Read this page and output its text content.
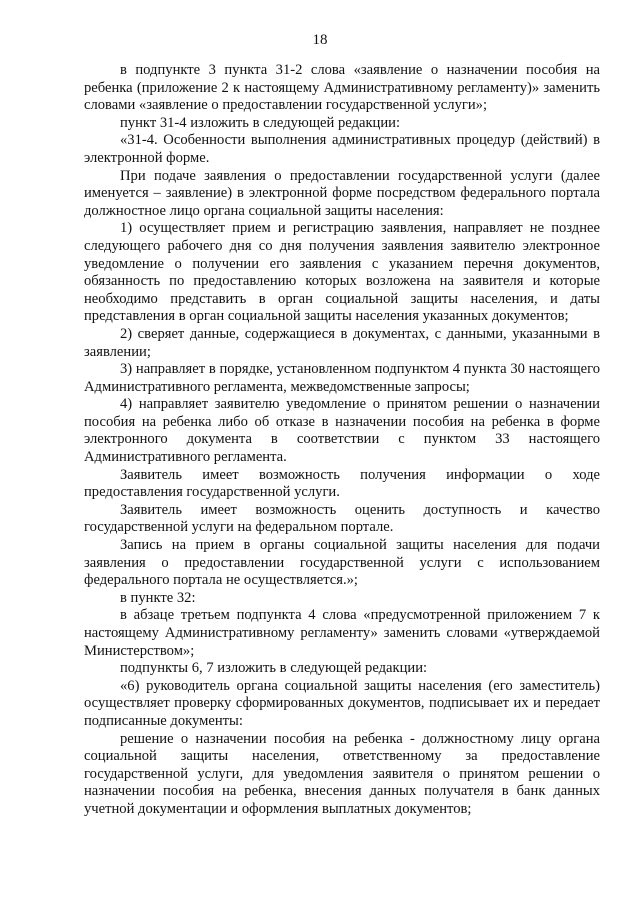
18

в подпункте 3 пункта 31-2 слова «заявление о назначении пособия на ребенка (приложение 2 к настоящему Административному регламенту)» заменить словами «заявление о предоставлении государственной услуги»;

пункт 31-4 изложить в следующей редакции:

«31-4. Особенности выполнения административных процедур (действий) в электронной форме.

При подаче заявления о предоставлении государственной услуги (далее именуется – заявление) в электронной форме посредством федерального портала должностное лицо органа социальной защиты населения:

1) осуществляет прием и регистрацию заявления, направляет не позднее следующего рабочего дня со дня получения заявления заявителю электронное уведомление о получении его заявления с указанием перечня документов, обязанность по предоставлению которых возложена на заявителя и которые необходимо представить в орган социальной защиты населения, и даты представления в орган социальной защиты населения указанных документов;

2) сверяет данные, содержащиеся в документах, с данными, указанными в заявлении;

3) направляет в порядке, установленном подпунктом 4 пункта 30 настоящего Административного регламента, межведомственные запросы;

4) направляет заявителю уведомление о принятом решении о назначении пособия на ребенка либо об отказе в назначении пособия на ребенка в форме электронного документа в соответствии с пунктом 33 настоящего Административного регламента.

Заявитель имеет возможность получения информации о ходе предоставления государственной услуги.

Заявитель имеет возможность оценить доступность и качество государственной услуги на федеральном портале.

Запись на прием в органы социальной защиты населения для подачи заявления о предоставлении государственной услуги с использованием федерального портала не осуществляется.»;

в пункте 32:

в абзаце третьем подпункта 4 слова «предусмотренной приложением 7 к настоящему Административному регламенту» заменить словами «утверждаемой Министерством»;

подпункты 6, 7 изложить в следующей редакции:

«6) руководитель органа социальной защиты населения (его заместитель) осуществляет проверку сформированных документов, подписывает их и передает подписанные документы:

решение о назначении пособия на ребенка - должностному лицу органа социальной защиты населения, ответственному за предоставление государственной услуги, для уведомления заявителя о принятом решении о назначении пособия на ребенка, внесения данных получателя в банк данных учетной документации и оформления выплатных документов;
